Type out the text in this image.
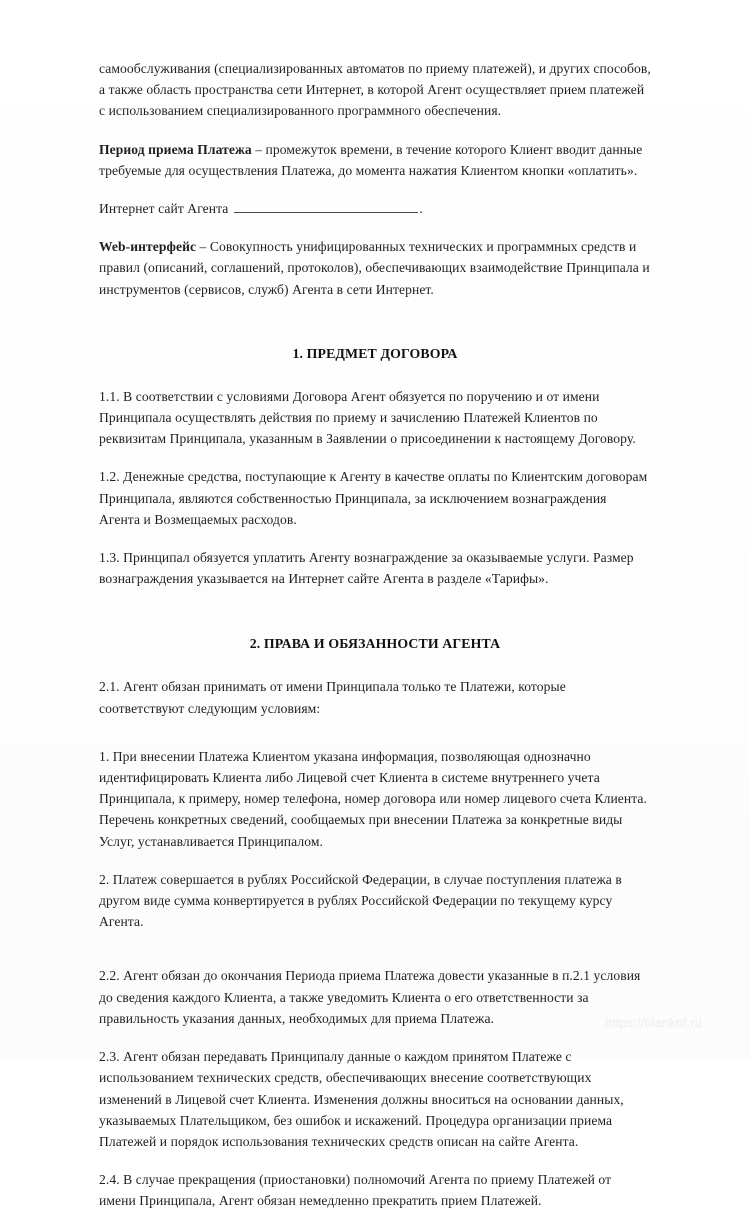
самообслуживания (специализированных автоматов по приему платежей), и других способов, а также область пространства сети Интернет, в которой Агент осуществляет прием платежей с использованием специализированного программного обеспечения.

Период приема Платежа – промежуток времени, в течение которого Клиент вводит данные требуемые для осуществления Платежа, до момента нажатия Клиентом кнопки «оплатить».

Интернет сайт Агента	.

Web-интерфейс – Совокупность унифицированных технических и программных средств и правил (описаний, соглашений, протоколов), обеспечивающих взаимодействие Принципала и инструментов (сервисов, служб) Агента в сети Интернет.

1. ПРЕДМЕТ ДОГОВОРА

1.1. В соответствии с условиями Договора Агент обязуется по поручению и от имени Принципала осуществлять действия по приему и зачислению Платежей Клиентов по реквизитам Принципала, указанным в Заявлении о присоединении к настоящему Договору.

1.2. Денежные средства, поступающие к Агенту в качестве оплаты по Клиентским договорам Принципала, являются собственностью Принципала, за исключением вознаграждения Агента и Возмещаемых расходов.

1.3. Принципал обязуется уплатить Агенту вознаграждение за оказываемые услуги. Размер вознаграждения указывается на Интернет сайте Агента в разделе «Тарифы».

2. ПРАВА И ОБЯЗАННОСТИ АГЕНТА

2.1. Агент обязан принимать от имени Принципала только те Платежи, которые соответствуют следующим условиям:

1. При внесении Платежа Клиентом указана информация, позволяющая однозначно идентифицировать Клиента либо Лицевой счет Клиента в системе внутреннего учета Принципала, к примеру, номер телефона, номер договора или номер лицевого счета Клиента. Перечень конкретных сведений, сообщаемых при внесении Платежа за конкретные виды Услуг, устанавливается Принципалом.

2. Платеж совершается в рублях Российской Федерации, в случае поступления платежа в другом виде сумма конвертируется в рублях Российской Федерации по текущему курсу Агента.

2.2. Агент обязан до окончания Периода приема Платежа довести указанные в п.2.1 условия до сведения каждого Клиента, а также уведомить Клиента о его ответственности за правильность указания данных, необходимых для приема Платежа.

2.3. Агент обязан передавать Принципалу данные о каждом принятом Платеже с использованием технических средств, обеспечивающих внесение соответствующих изменений в Лицевой счет Клиента. Изменения должны вноситься на основании данных, указываемых Плательщиком, без ошибок и искажений. Процедура организации приема Платежей и порядок использования технических средств описан на сайте Агента.

2.4. В случае прекращения (приостановки) полномочий Агента по приему Платежей от имени Принципала, Агент обязан немедленно прекратить прием Платежей.

https://blankof.ru
